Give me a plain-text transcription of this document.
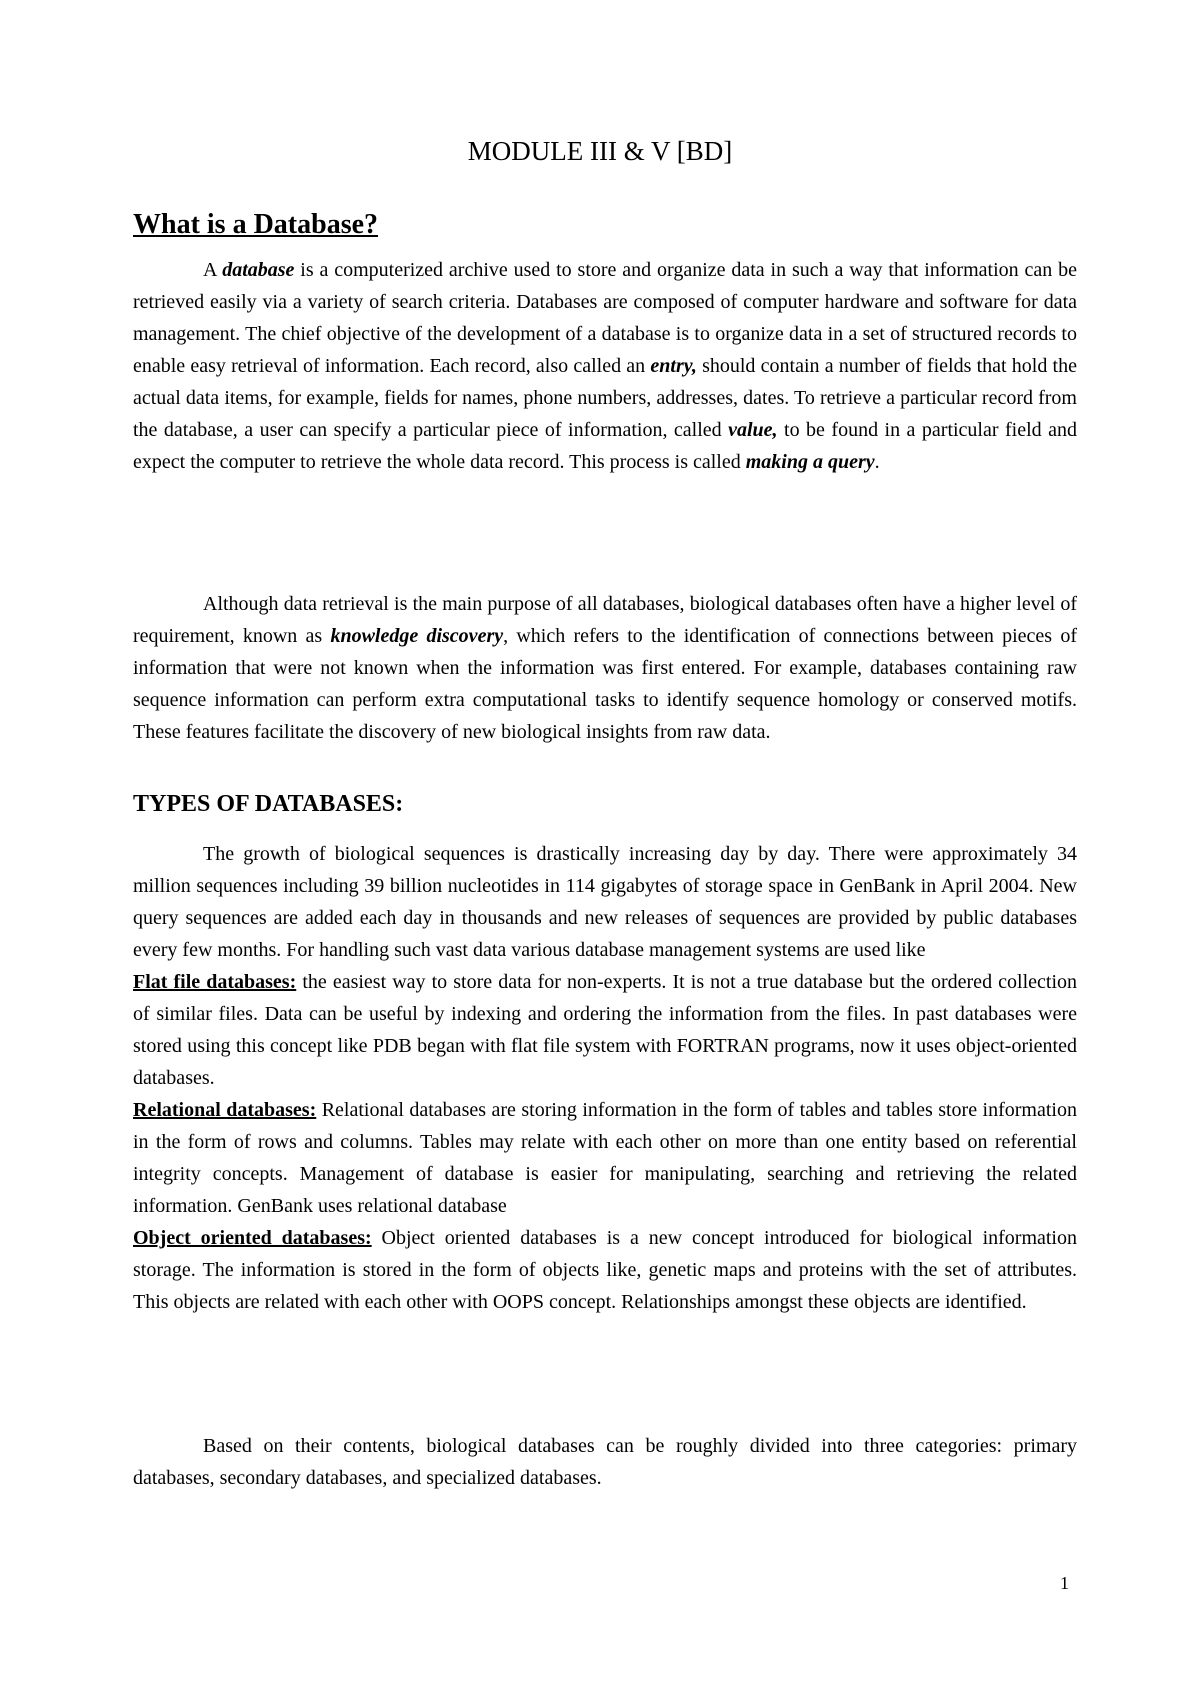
MODULE III & V [BD]
What is a Database?

A database is a computerized archive used to store and organize data in such a way that information can be retrieved easily via a variety of search criteria. Databases are composed of computer hardware and software for data management. The chief objective of the development of a database is to organize data in a set of structured records to enable easy retrieval of information. Each record, also called an entry, should contain a number of fields that hold the actual data items, for example, fields for names, phone numbers, addresses, dates. To retrieve a particular record from the database, a user can specify a particular piece of information, called value, to be found in a particular field and expect the computer to retrieve the whole data record. This process is called making a query.

Although data retrieval is the main purpose of all databases, biological databases often have a higher level of requirement, known as knowledge discovery, which refers to the identification of connections between pieces of information that were not known when the information was first entered. For example, databases containing raw sequence information can perform extra computational tasks to identify sequence homology or conserved motifs. These features facilitate the discovery of new biological insights from raw data.

TYPES OF DATABASES:

The growth of biological sequences is drastically increasing day by day. There were approximately 34 million sequences including 39 billion nucleotides in 114 gigabytes of storage space in GenBank in April 2004. New query sequences are added each day in thousands and new releases of sequences are provided by public databases every few months. For handling such vast data various database management systems are used like

Flat file databases: the easiest way to store data for non-experts. It is not a true database but the ordered collection of similar files. Data can be useful by indexing and ordering the information from the files. In past databases were stored using this concept like PDB began with flat file system with FORTRAN programs, now it uses object-oriented databases.

Relational databases: Relational databases are storing information in the form of tables and tables store information in the form of rows and columns. Tables may relate with each other on more than one entity based on referential integrity concepts. Management of database is easier for manipulating, searching and retrieving the related information. GenBank uses relational database

Object oriented databases: Object oriented databases is a new concept introduced for biological information storage. The information is stored in the form of objects like, genetic maps and proteins with the set of attributes. This objects are related with each other with OOPS concept. Relationships amongst these objects are identified.

Based on their contents, biological databases can be roughly divided into three categories: primary databases, secondary databases, and specialized databases.

1
